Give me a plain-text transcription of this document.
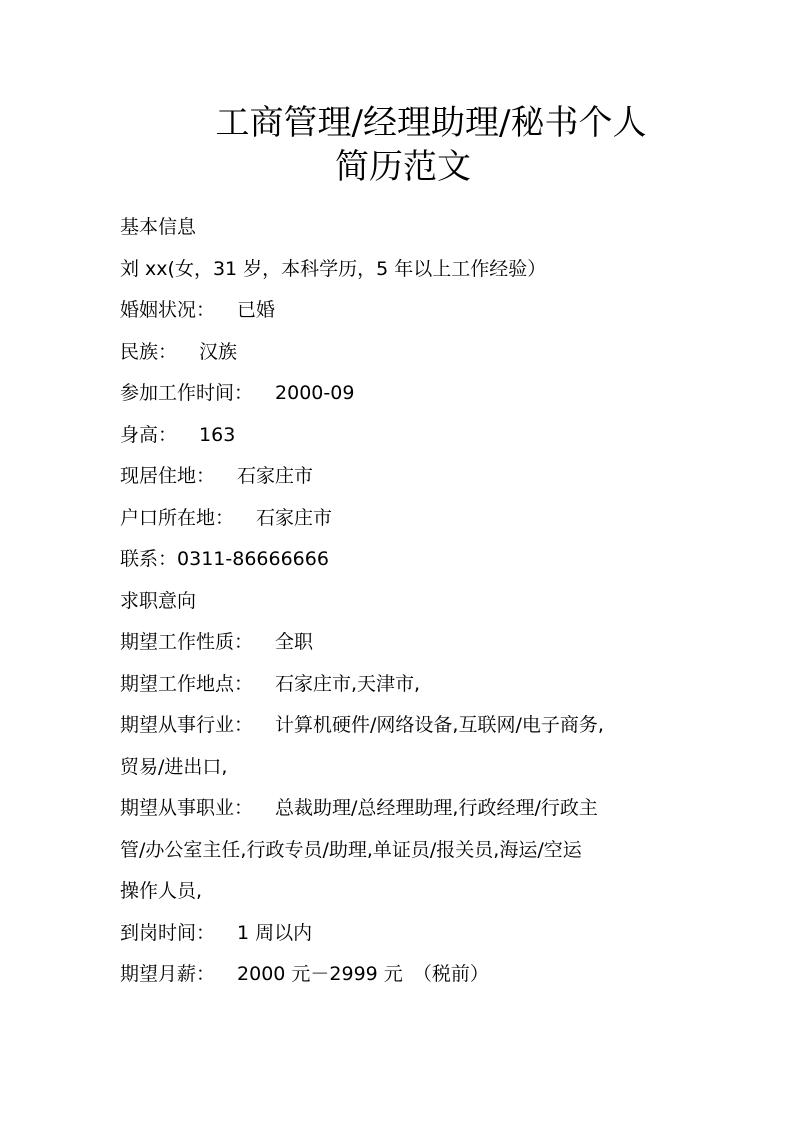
工商管理/经理助理/秘书个人
简历范文
基本信息
刘 xx(女，31 岁，本科学历，5 年以上工作经验）
婚姻状况： 已婚
民族： 汉族
参加工作时间： 2000-09
身高： 163
现居住地： 石家庄市
户口所在地： 石家庄市
联系：0311-86666666
求职意向
期望工作性质： 全职
期望工作地点： 石家庄市,天津市,
期望从事行业： 计算机硬件/网络设备,互联网/电子商务,
贸易/进出口,
期望从事职业： 总裁助理/总经理助理,行政经理/行政主
管/办公室主任,行政专员/助理,单证员/报关员,海运/空运
操作人员,
到岗时间： 1 周以内
期望月薪： 2000 元－2999 元 （税前）
